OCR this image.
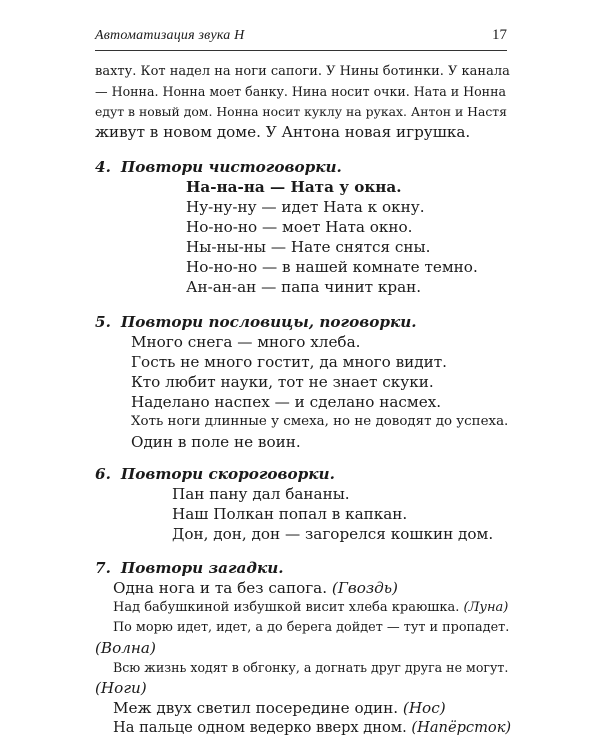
Автоматизация звука Н	17
вахту. Кот надел на ноги сапоги. У Нины ботинки. У канала
— Нонна. Нонна моет банку. Нина носит очки. Ната и Нонна
едут в новый дом. Нонна носит куклу на руках. Антон и Настя
живут в новом доме. У Антона новая игрушка.
4. Повтори чистоговорки.
На-на-на — Ната у окна.
Ну-ну-ну — идет Ната к окну.
Но-но-но — моет Ната окно.
Ны-ны-ны — Нате снятся сны.
Но-но-но — в нашей комнате темно.
Ан-ан-ан — папа чинит кран.
5. Повтори пословицы, поговорки.
Много снега — много хлеба.
Гость не много гостит, да много видит.
Кто любит науки, тот не знает скуки.
Наделано наспех — и сделано насмех.
Хоть ноги длинные у смеха, но не доводят до успеха.
Один в поле не воин.
6. Повтори скороговорки.
Пан пану дал бананы.
Наш Полкан попал в капкан.
Дон, дон, дон — загорелся кошкин дом.
7. Повтори загадки.
Одна нога и та без сапога. (Гвоздь)
Над бабушкиной избушкой висит хлеба краюшка. (Луна)
По морю идет, идет, а до берега дойдет — тут и пропадет.
(Волна)
Всю жизнь ходят в обгонку, а догнать друг друга не могут.
(Ноги)
Меж двух светил посередине один. (Нос)
На пальце одном ведерко вверх дном. (Напёрсток)
